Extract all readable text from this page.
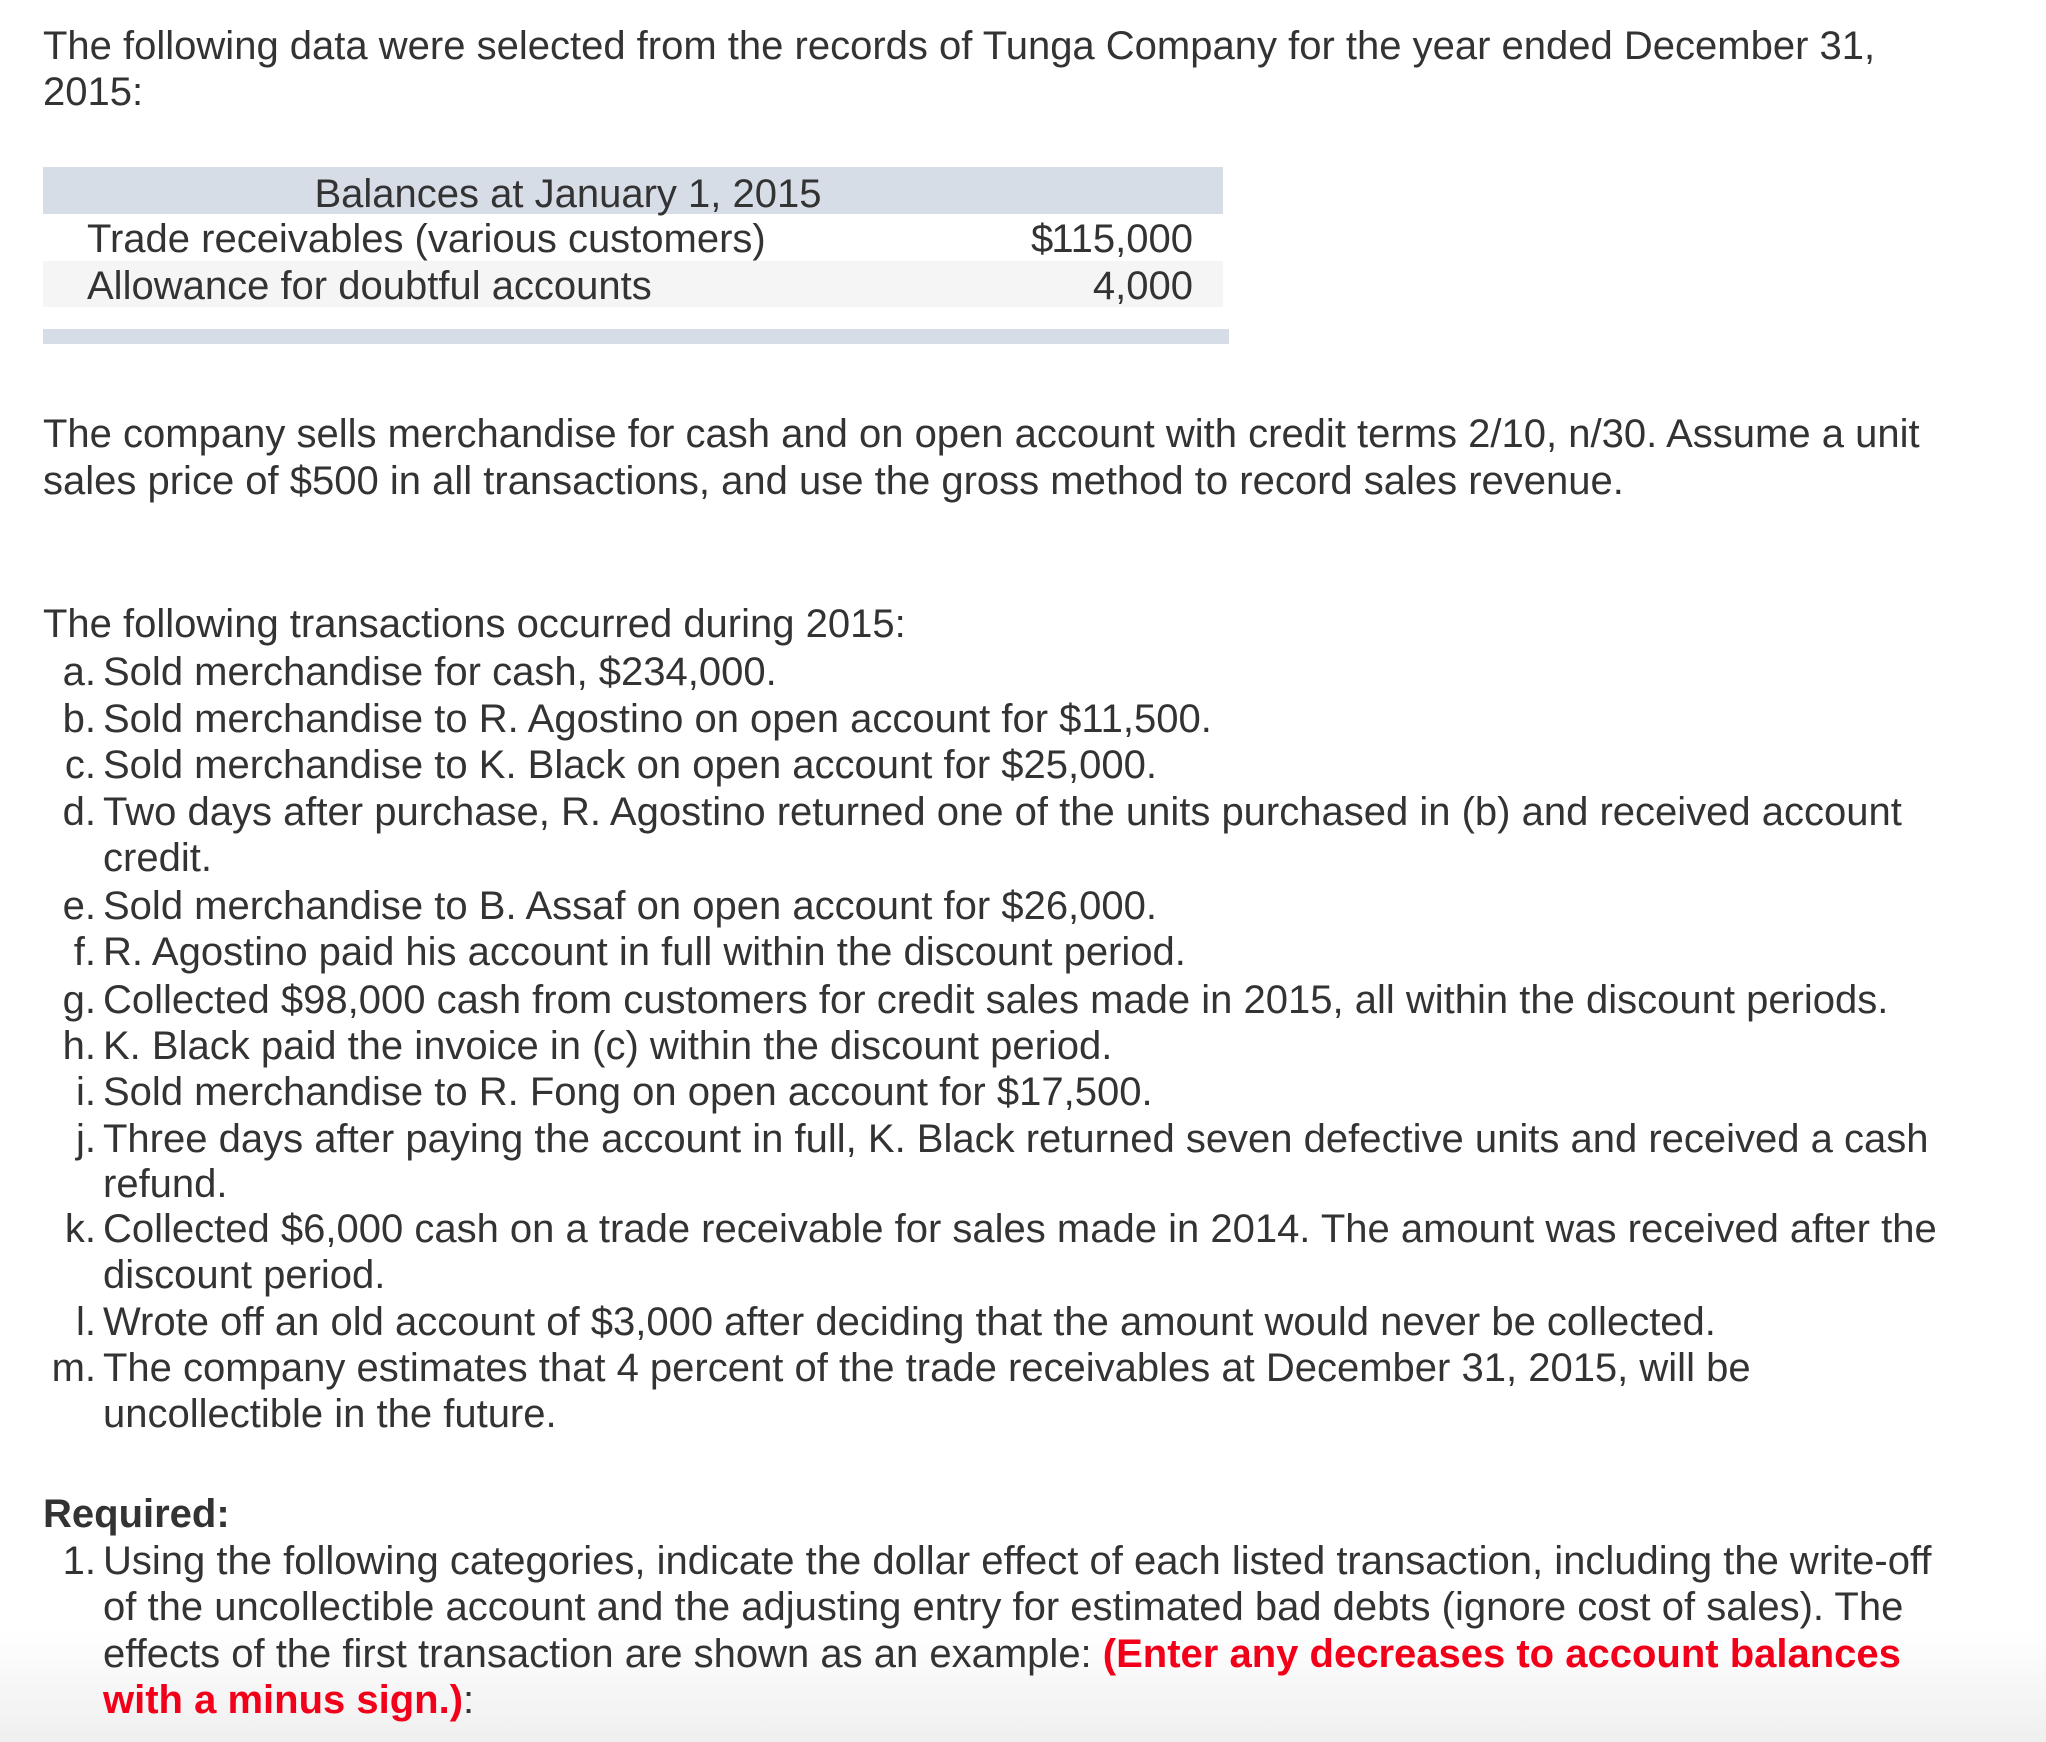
The following data were selected from the records of Tunga Company for the year ended December 31,
2015:
Balances at January 1, 2015
Trade receivables (various customers)	$
115,000
Allowance for doubtful accounts	4,000
The company sells merchandise for cash and on open account with credit terms 2/10, n/30. Assume a unit
sales price of $500 in all transactions, and use the gross method to record sales revenue.
The following transactions occurred during 2015:
a. Sold merchandise for cash, $234,000.
b. Sold merchandise to R. Agostino on open account for $11,500.
c. Sold merchandise to K. Black on open account for $25,000.
d. Two days after purchase, R. Agostino returned one of the units purchased in (b) and received account
credit.
e. Sold merchandise to B. Assaf on open account for $26,000.
f. R. Agostino paid his account in full within the discount period.
g. Collected $98,000 cash from customers for credit sales made in 2015, all within the discount periods.
h. K. Black paid the invoice in (c) within the discount period.
i. Sold merchandise to R. Fong on open account for $17,500.
j. Three days after paying the account in full, K. Black returned seven defective units and received a cash
refund.
k. Collected $6,000 cash on a trade receivable for sales made in 2014. The amount was received after the
discount period.
l. Wrote off an old account of $3,000 after deciding that the amount would never be collected.
m. The company estimates that 4 percent of the trade receivables at December 31, 2015, will be
uncollectible in the future.
Required:
1. Using the following categories, indicate the dollar effect of each listed transaction, including the write-off
of the uncollectible account and the adjusting entry for estimated bad debts (ignore cost of sales). The
effects of the first transaction are shown as an example: (Enter any decreases to account balances
with a minus sign.):
